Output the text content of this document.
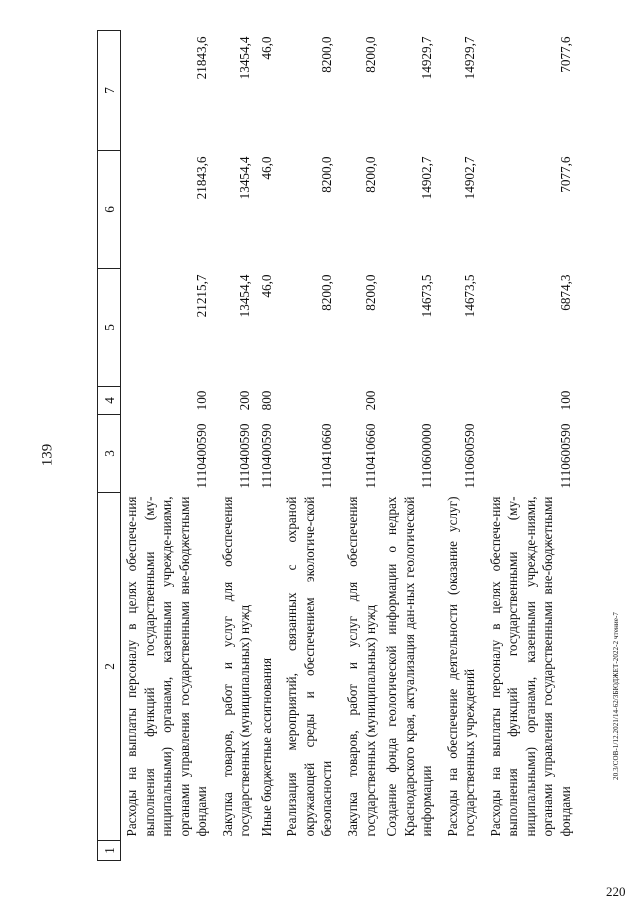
139
220
20.3/СОВ-1/12.2021/14-62/ЗБЮДЖЕТ-2022-2 чтение-7
1	2	3	4	5	6	7
	Расходы на выплаты персоналу в целях обеспече-ния выполнения функций государственными (му-ниципальными) органами, казенными учрежде-ниями, органами управления государственными вне-бюджетными фондами	1110400590	100	21215,7	21843,6	21843,6

	Закупка товаров, работ и услуг для обеспечения государственных (муниципальных) нужд	1110400590	200	13454,4	13454,4	13454,4
	Иные бюджетные ассигнования	1110400590	800	46,0	46,0	46,0

	Реализация мероприятий, связанных с охраной окружающей среды и обеспечением экологиче-ской безопасности	1110410660		8200,0	8200,0	8200,0

	Закупка товаров, работ и услуг для обеспечения государственных (муниципальных) нужд	1110410660	200	8200,0	8200,0	8200,0
	Создание фонда геологической информации о недрах Краснодарского края, актуализация дан-ных геологической информации	1110600000		14673,5	14902,7	14929,7

	Расходы на обеспечение деятельности (оказание услуг) государственных учреждений	1110600590		14673,5	14902,7	14929,7

	Расходы на выплаты персоналу в целях обеспече-ния выполнения функций государственными (му-ниципальными) органами, казенными учрежде-ниями, органами управления государственными вне-бюджетными фондами	1110600590	100	6874,3	7077,6	7077,6
